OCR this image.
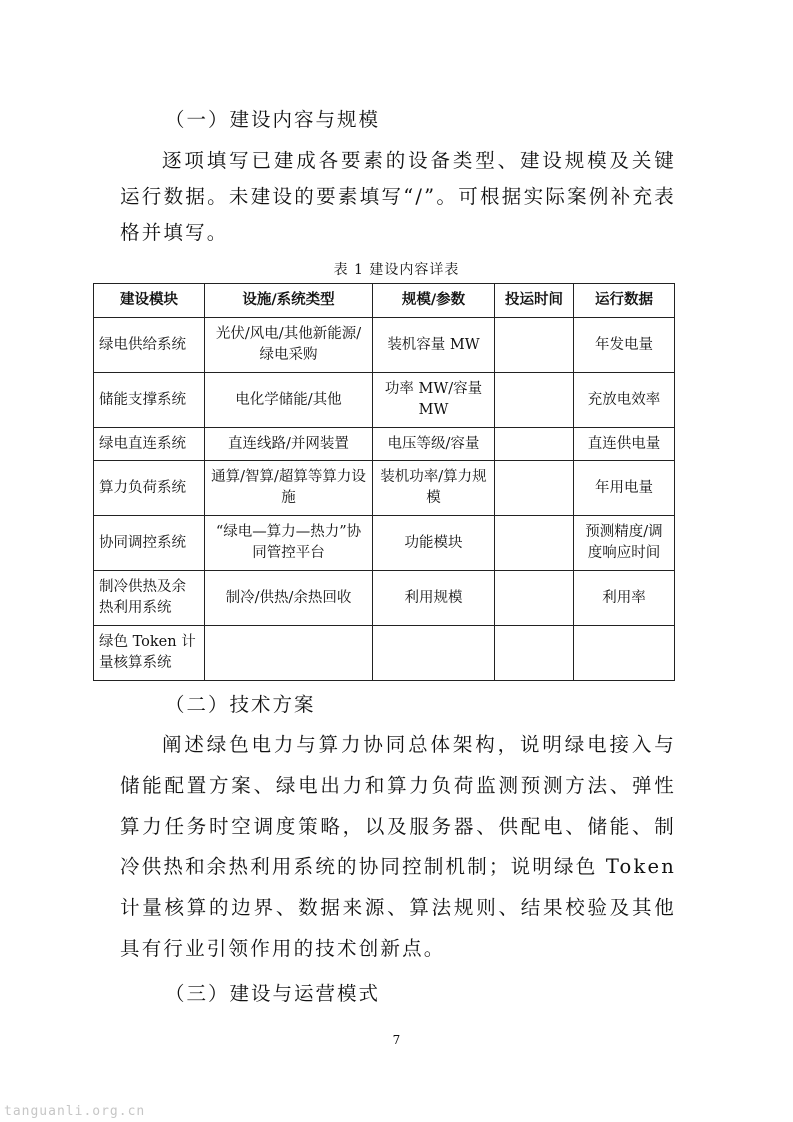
（一）建设内容与规模

逐项填写已建成各要素的设备类型、建设规模及关键运行数据。未建设的要素填写“/”。可根据实际案例补充表格并填写。

表 1 建设内容详表
建设模块	设施/系统类型	规模/参数	投运时间	运行数据
绿电供给系统	光伏/风电/其他新能源/绿电采购	装机容量 MW		年发电量
储能支撑系统	电化学储能/其他	功率 MW/容量MW		充放电效率
绿电直连系统	直连线路/并网装置	电压等级/容量		直连供电量
算力负荷系统	通算/智算/超算等算力设施	装机功率/算力规模		年用电量
协同调控系统	“绿电—算力—热力”协同管控平台	功能模块		预测精度/调度响应时间
制冷供热及余热利用系统	制冷/供热/余热回收	利用规模		利用率
绿色 Token 计量核算系统				
（二）技术方案

阐述绿色电力与算力协同总体架构，说明绿电接入与储能配置方案、绿电出力和算力负荷监测预测方法、弹性算力任务时空调度策略，以及服务器、供配电、储能、制冷供热和余热利用系统的协同控制机制；说明绿色 Token 计量核算的边界、数据来源、算法规则、结果校验及其他具有行业引领作用的技术创新点。

（三）建设与运营模式
7
tanguanli.org.cn
